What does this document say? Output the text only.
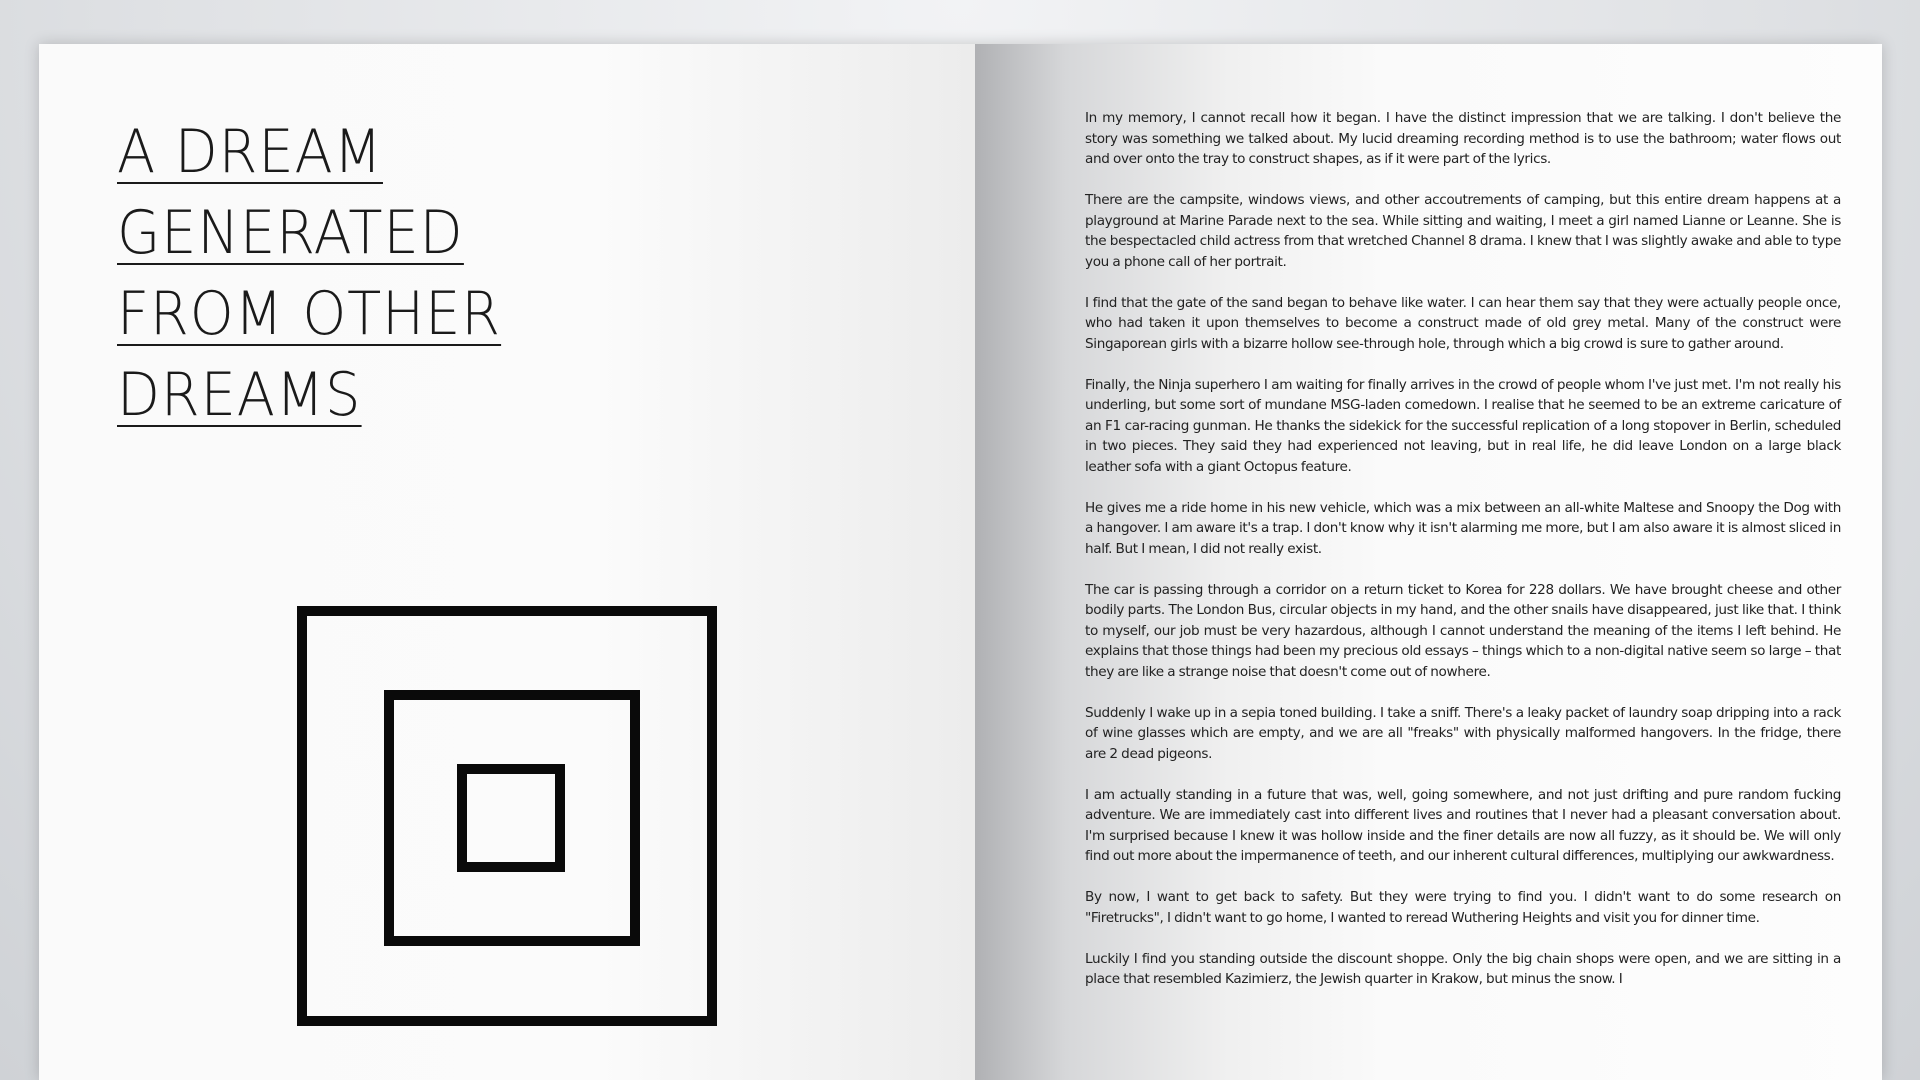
A DREAM
GENERATED
FROM OTHER
DREAMS

In my memory, I cannot recall how it began. I have the distinct impression that we are talking. I don't believe the story was something we talked about. My lucid dreaming recording method is to use the bathroom; water flows out and over onto the tray to construct shapes, as if it were part of the lyrics.

There are the campsite, windows views, and other accoutrements of camping, but this entire dream happens at a playground at Marine Parade next to the sea. While sitting and waiting, I meet a girl named Lianne or Leanne. She is the bespectacled child actress from that wretched Channel 8 drama. I knew that I was slightly awake and able to type you a phone call of her portrait.

I find that the gate of the sand began to behave like water. I can hear them say that they were actually people once, who had taken it upon themselves to become a construct made of old grey metal. Many of the construct were Singaporean girls with a bizarre hollow see-through hole, through which a big crowd is sure to gather around.

Finally, the Ninja superhero I am waiting for finally arrives in the crowd of people whom I've just met. I'm not really his underling, but some sort of mundane MSG-laden comedown. I realise that he seemed to be an extreme caricature of an F1 car-racing gunman. He thanks the sidekick for the successful replication of a long stopover in Berlin, scheduled in two pieces. They said they had experienced not leaving, but in real life, he did leave London on a large black leather sofa with a giant Octopus feature.

He gives me a ride home in his new vehicle, which was a mix between an all-white Maltese and Snoopy the Dog with a hangover. I am aware it's a trap. I don't know why it isn't alarming me more, but I am also aware it is almost sliced in half. But I mean, I did not really exist.

The car is passing through a corridor on a return ticket to Korea for 228 dollars. We have brought cheese and other bodily parts. The London Bus, circular objects in my hand, and the other snails have disappeared, just like that. I think to myself, our job must be very hazardous, although I cannot understand the meaning of the items I left behind. He explains that those things had been my precious old essays – things which to a non-digital native seem so large – that they are like a strange noise that doesn't come out of nowhere.

Suddenly I wake up in a sepia toned building. I take a sniff. There's a leaky packet of laundry soap dripping into a rack of wine glasses which are empty, and we are all "freaks" with physically malformed hangovers. In the fridge, there are 2 dead pigeons.

I am actually standing in a future that was, well, going somewhere, and not just drifting and pure random fucking adventure. We are immediately cast into different lives and routines that I never had a pleasant conversation about. I'm surprised because I knew it was hollow inside and the finer details are now all fuzzy, as it should be. We will only find out more about the impermanence of teeth, and our inherent cultural differences, multiplying our awkwardness.

By now, I want to get back to safety. But they were trying to find you. I didn't want to do some research on "Firetrucks", I didn't want to go home, I wanted to reread Wuthering Heights and visit you for dinner time.

Luckily I find you standing outside the discount shoppe. Only the big chain shops were open, and we are sitting in a place that resembled Kazimierz, the Jewish quarter in Krakow, but minus the snow. I
